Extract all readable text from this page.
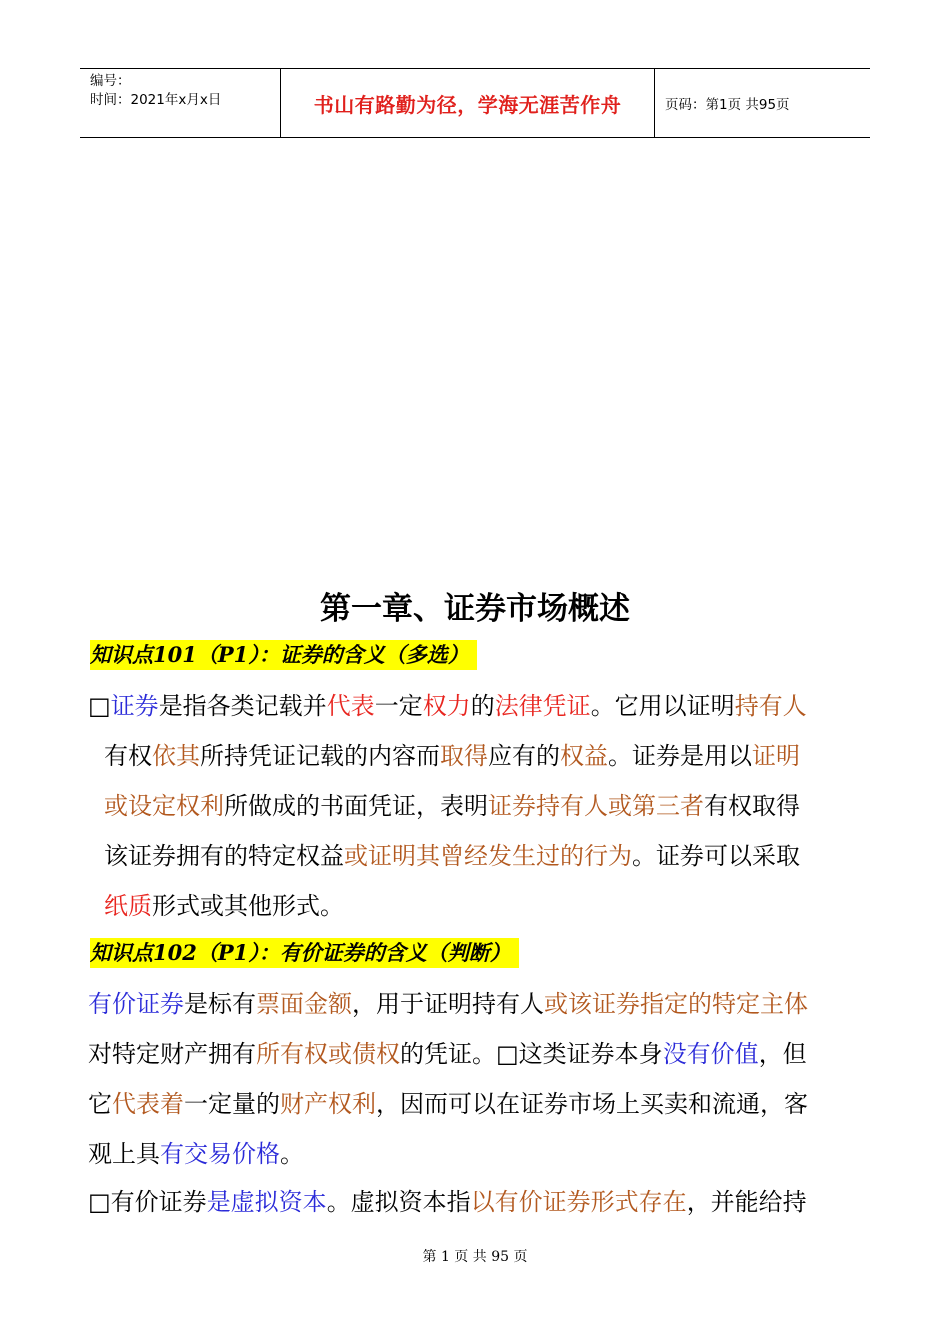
编号：
时间：2021年x月x日	书山有路勤为径，学海无涯苦作舟	页码：第1页 共95页
第一章、证券市场概述
知识点101（P1）：证券的含义（多选）
□证券是指各类记载并代表一定权力的法律凭证。它用以证明持有人
有权依其所持凭证记载的内容而取得应有的权益。证券是用以证明
或设定权利所做成的书面凭证，表明证券持有人或第三者有权取得
该证券拥有的特定权益或证明其曾经发生过的行为。证券可以采取
纸质形式或其他形式。
知识点102（P1）：有价证券的含义（判断）
有价证券是标有票面金额，用于证明持有人或该证券指定的特定主体
对特定财产拥有所有权或债权的凭证。□这类证券本身没有价值，但
它代表着一定量的财产权利，因而可以在证券市场上买卖和流通，客
观上具有交易价格。
□有价证券是虚拟资本。虚拟资本指以有价证券形式存在，并能给持
第 1 页 共 95 页
